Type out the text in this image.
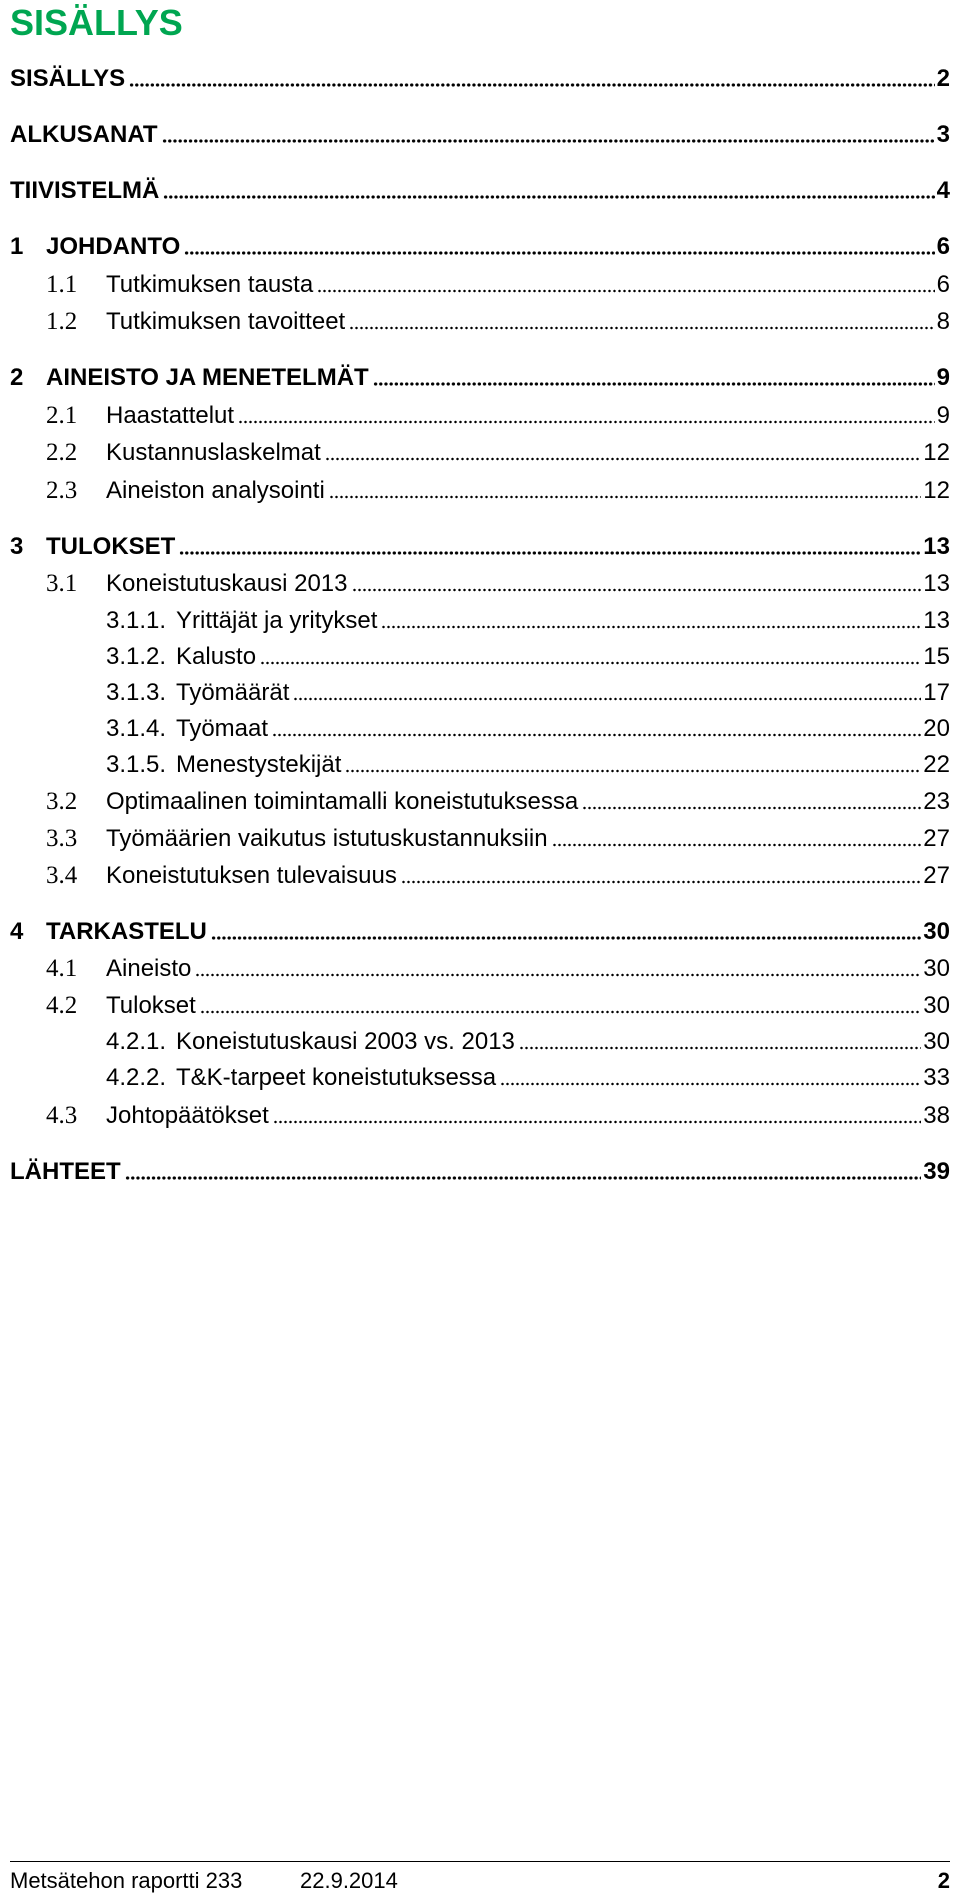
SISÄLLYS
SISÄLLYS	2
ALKUSANAT	3
TIIVISTELMÄ	4
1 JOHDANTO	6
1.1	Tutkimuksen tausta	6
1.2	Tutkimuksen tavoitteet	8
2 AINEISTO JA MENETELMÄT	9
2.1	Haastattelut	9
2.2	Kustannuslaskelmat	12
2.3	Aineiston analysointi	12
3 TULOKSET	13
3.1	Koneistutuskausi 2013	13
3.1.1. Yrittäjät ja yritykset	13
3.1.2. Kalusto	15
3.1.3. Työmäärät	17
3.1.4. Työmaat	20
3.1.5. Menestystekijät	22
3.2	Optimaalinen toimintamalli koneistutuksessa	23
3.3	Työmäärien vaikutus istutuskustannuksiin	27
3.4	Koneistutuksen tulevaisuus	27
4 TARKASTELU	30
4.1	Aineisto	30
4.2	Tulokset	30
4.2.1. Koneistutuskausi 2003 vs. 2013	30
4.2.2. T&K-tarpeet koneistutuksessa	33
4.3	Johtopäätökset	38
LÄHTEET	39
Metsätehon raportti 233	22.9.2014	2
